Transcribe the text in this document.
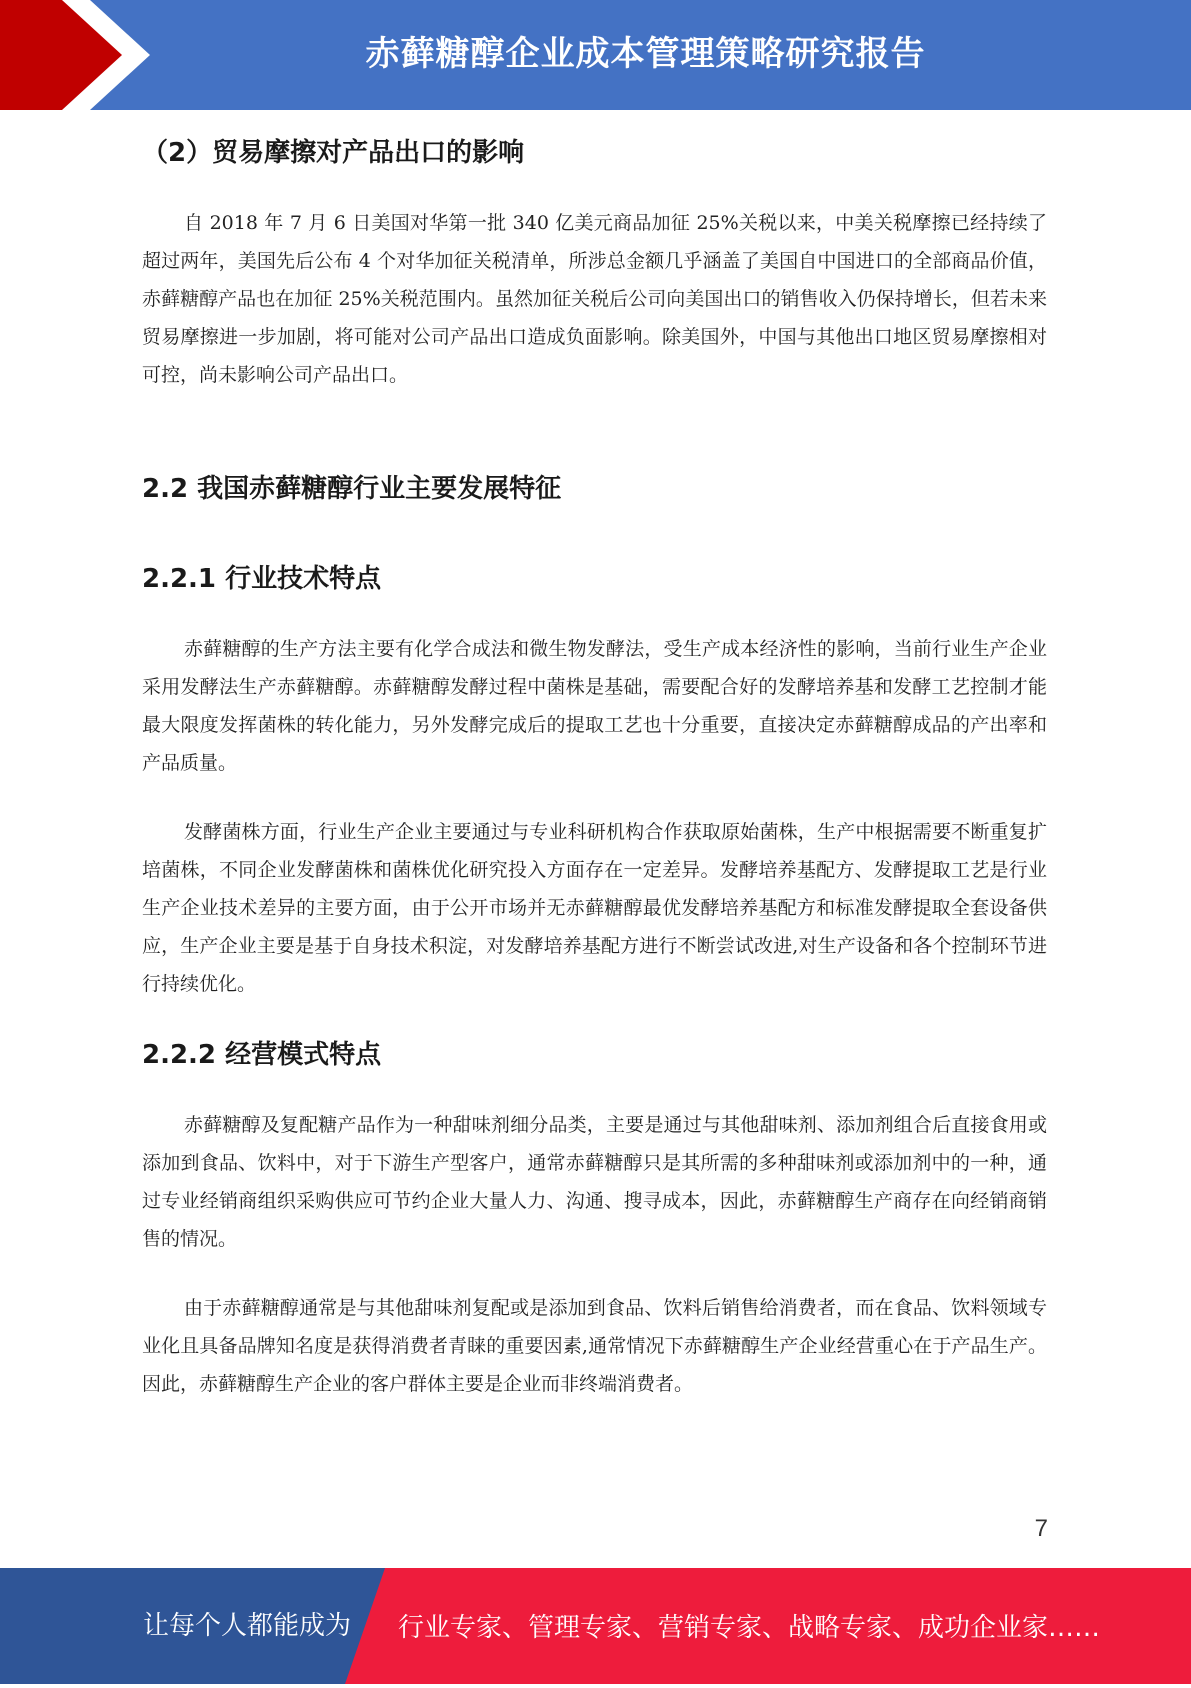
赤藓糖醇企业成本管理策略研究报告
（2）贸易摩擦对产品出口的影响

自 2018 年 7 月 6 日美国对华第一批 340 亿美元商品加征 25%关税以来，中美关税摩擦已经持续了超过两年，美国先后公布 4 个对华加征关税清单，所涉总金额几乎涵盖了美国自中国进口的全部商品价值，赤藓糖醇产品也在加征 25%关税范围内。虽然加征关税后公司向美国出口的销售收入仍保持增长，但若未来贸易摩擦进一步加剧，将可能对公司产品出口造成负面影响。除美国外，中国与其他出口地区贸易摩擦相对可控，尚未影响公司产品出口。

2.2 我国赤藓糖醇行业主要发展特征
2.2.1 行业技术特点

赤藓糖醇的生产方法主要有化学合成法和微生物发酵法，受生产成本经济性的影响，当前行业生产企业采用发酵法生产赤藓糖醇。赤藓糖醇发酵过程中菌株是基础，需要配合好的发酵培养基和发酵工艺控制才能最大限度发挥菌株的转化能力，另外发酵完成后的提取工艺也十分重要，直接决定赤藓糖醇成品的产出率和产品质量。

发酵菌株方面，行业生产企业主要通过与专业科研机构合作获取原始菌株，生产中根据需要不断重复扩培菌株，不同企业发酵菌株和菌株优化研究投入方面存在一定差异。发酵培养基配方、发酵提取工艺是行业生产企业技术差异的主要方面，由于公开市场并无赤藓糖醇最优发酵培养基配方和标准发酵提取全套设备供应，生产企业主要是基于自身技术积淀，对发酵培养基配方进行不断尝试改进,对生产设备和各个控制环节进行持续优化。

2.2.2 经营模式特点

赤藓糖醇及复配糖产品作为一种甜味剂细分品类，主要是通过与其他甜味剂、添加剂组合后直接食用或添加到食品、饮料中，对于下游生产型客户，通常赤藓糖醇只是其所需的多种甜味剂或添加剂中的一种，通过专业经销商组织采购供应可节约企业大量人力、沟通、搜寻成本，因此，赤藓糖醇生产商存在向经销商销售的情况。

由于赤藓糖醇通常是与其他甜味剂复配或是添加到食品、饮料后销售给消费者，而在食品、饮料领域专业化且具备品牌知名度是获得消费者青睐的重要因素,通常情况下赤藓糖醇生产企业经营重心在于产品生产。因此，赤藓糖醇生产企业的客户群体主要是企业而非终端消费者。

7
让每个人都能成为 行业专家、管理专家、营销专家、战略专家、成功企业家……
